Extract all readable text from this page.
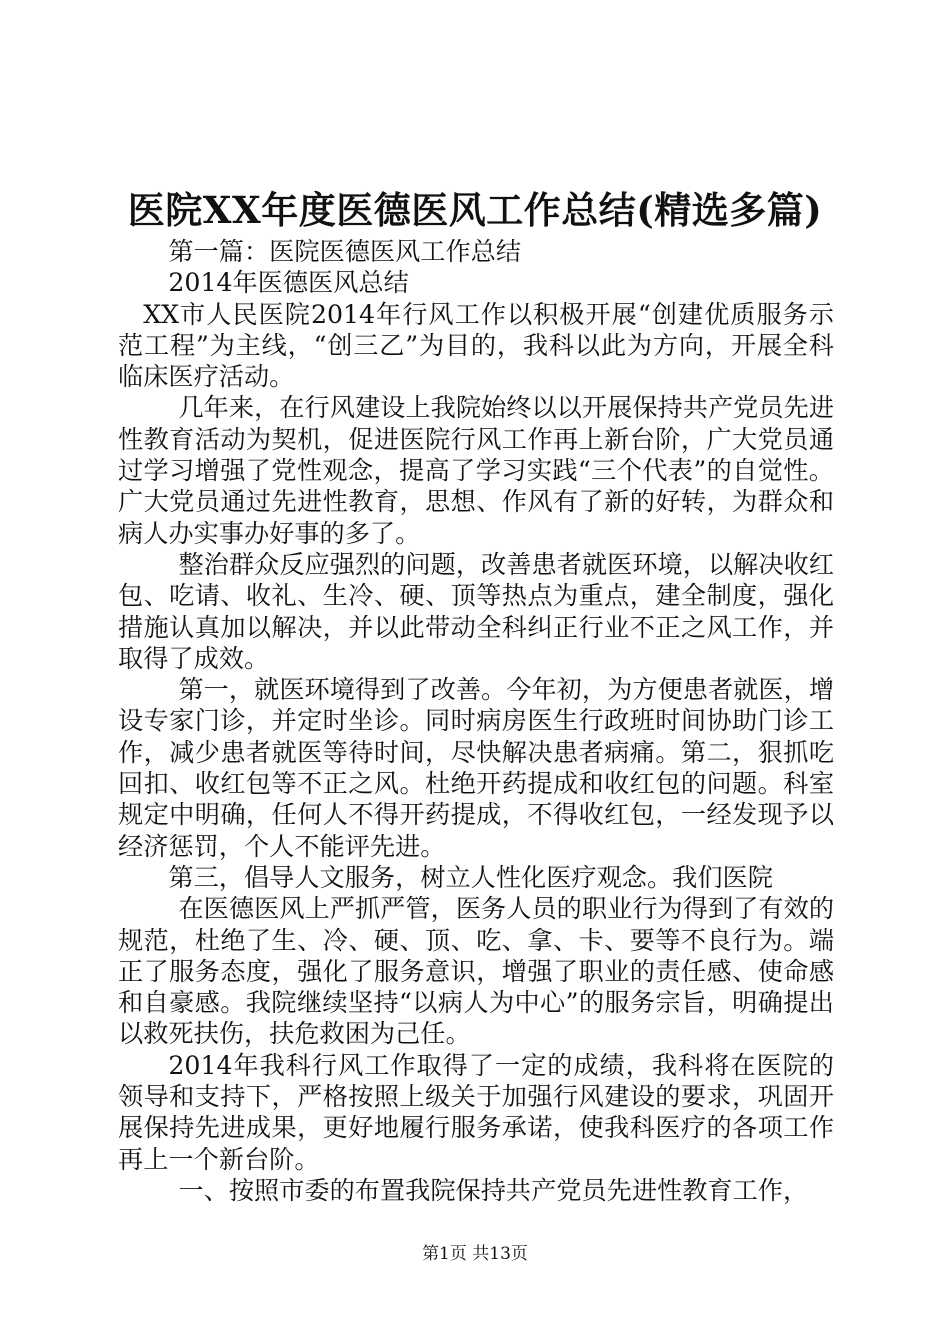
医院XX年度医德医风工作总结(精选多篇)

第一篇：医院医德医风工作总结

2014年医德医风总结

XX市人民医院2014年行风工作以积极开展“创建优质服务示范工程”为主线，“创三乙”为目的，我科以此为方向，开展全科临床医疗活动。

几年来，在行风建设上我院始终以以开展保持共产党员先进性教育活动为契机，促进医院行风工作再上新台阶，广大党员通过学习增强了党性观念，提高了学习实践“三个代表”的自觉性。广大党员通过先进性教育，思想、作风有了新的好转，为群众和病人办实事办好事的多了。

整治群众反应强烈的问题，改善患者就医环境，以解决收红包、吃请、收礼、生冷、硬、顶等热点为重点，建全制度，强化措施认真加以解决，并以此带动全科纠正行业不正之风工作，并取得了成效。

第一，就医环境得到了改善。今年初，为方便患者就医，增设专家门诊，并定时坐诊。同时病房医生行政班时间协助门诊工作，减少患者就医等待时间，尽快解决患者病痛。第二，狠抓吃回扣、收红包等不正之风。杜绝开药提成和收红包的问题。科室规定中明确，任何人不得开药提成，不得收红包，一经发现予以经济惩罚，个人不能评先进。

第三，倡导人文服务，树立人性化医疗观念。我们医院

在医德医风上严抓严管，医务人员的职业行为得到了有效的规范，杜绝了生、冷、硬、顶、吃、拿、卡、要等不良行为。端正了服务态度，强化了服务意识，增强了职业的责任感、使命感和自豪感。我院继续坚持“以病人为中心”的服务宗旨，明确提出以救死扶伤，扶危救困为己任。

2014年我科行风工作取得了一定的成绩，我科将在医院的领导和支持下，严格按照上级关于加强行风建设的要求，巩固开展保持先进成果，更好地履行服务承诺，使我科医疗的各项工作再上一个新台阶。

一、按照市委的布置我院保持共产党员先进性教育工作，

第1页 共13页
